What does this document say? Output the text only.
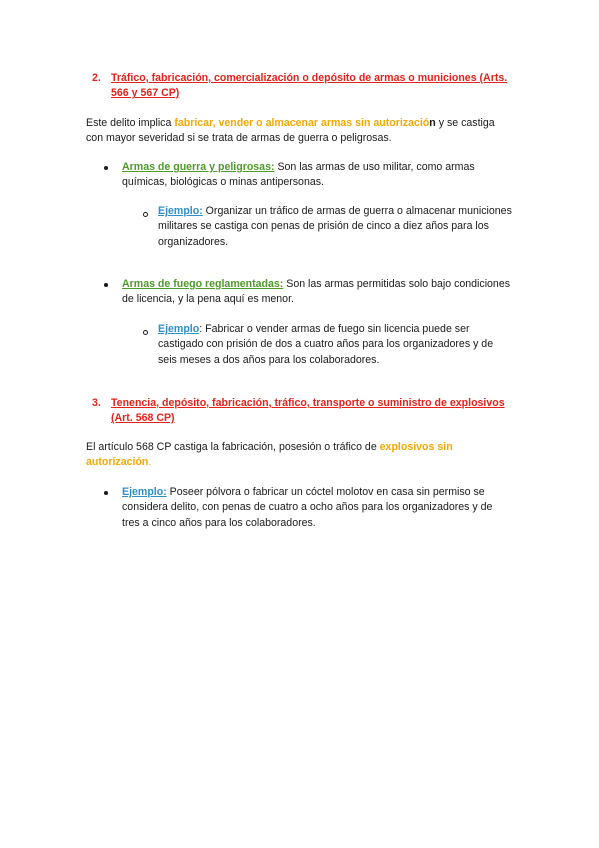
2. Tráfico, fabricación, comercialización o depósito de armas o municiones (Arts. 566 y 567 CP)
Este delito implica fabricar, vender o almacenar armas sin autorización y se castiga con mayor severidad si se trata de armas de guerra o peligrosas.
Armas de guerra y peligrosas: Son las armas de uso militar, como armas químicas, biológicas o minas antipersonas.
Ejemplo: Organizar un tráfico de armas de guerra o almacenar municiones militares se castiga con penas de prisión de cinco a diez años para los organizadores.
Armas de fuego reglamentadas: Son las armas permitidas solo bajo condiciones de licencia, y la pena aquí es menor.
Ejemplo: Fabricar o vender armas de fuego sin licencia puede ser castigado con prisión de dos a cuatro años para los organizadores y de seis meses a dos años para los colaboradores.
3. Tenencia, depósito, fabricación, tráfico, transporte o suministro de explosivos (Art. 568 CP)
El artículo 568 CP castiga la fabricación, posesión o tráfico de explosivos sin autorización.
Ejemplo: Poseer pólvora o fabricar un cóctel molotov en casa sin permiso se considera delito, con penas de cuatro a ocho años para los organizadores y de tres a cinco años para los colaboradores.
